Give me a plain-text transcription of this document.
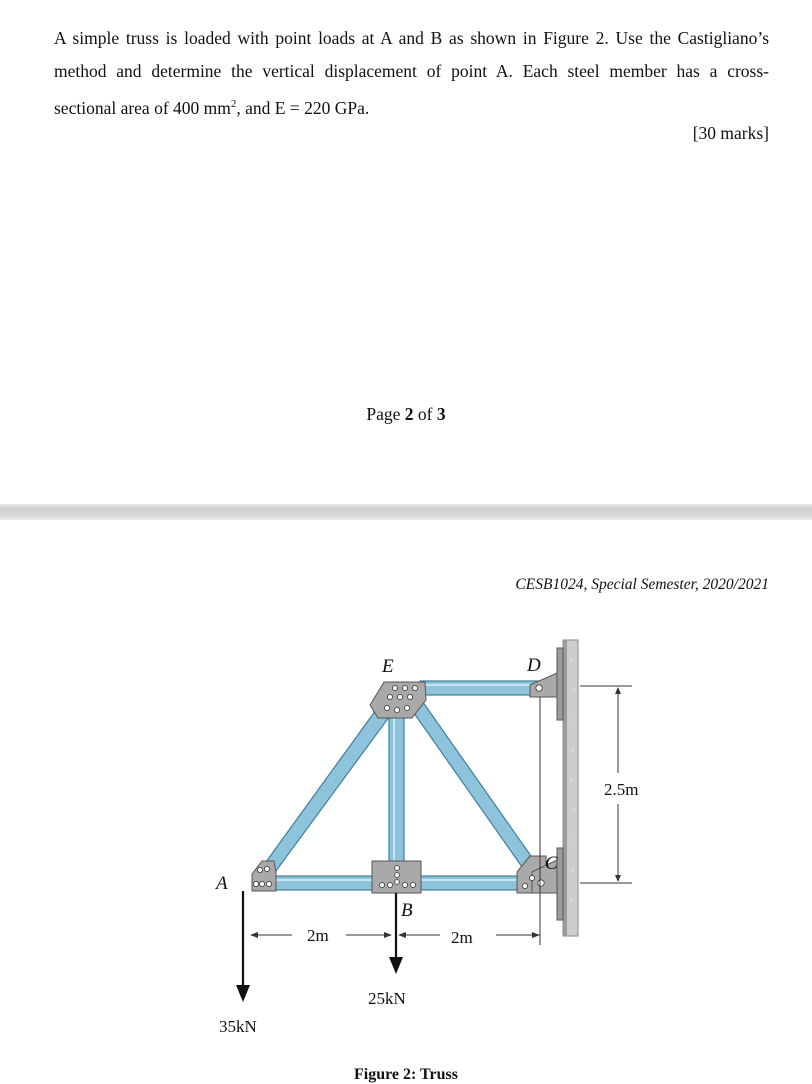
A simple truss is loaded with point loads at A and B as shown in Figure 2. Use the Castigliano’s
method and determine the vertical displacement of point A. Each steel member has a cross-
sectional area of 400 $mm^2$, and E = 220 GPa.
[30 marks]
Page 2 of 3
CESB1024, Special Semester, 2020/2021
A
B
C
D
E
2m	2m
2.5m
25kN
35kN
Figure 2: Truss
